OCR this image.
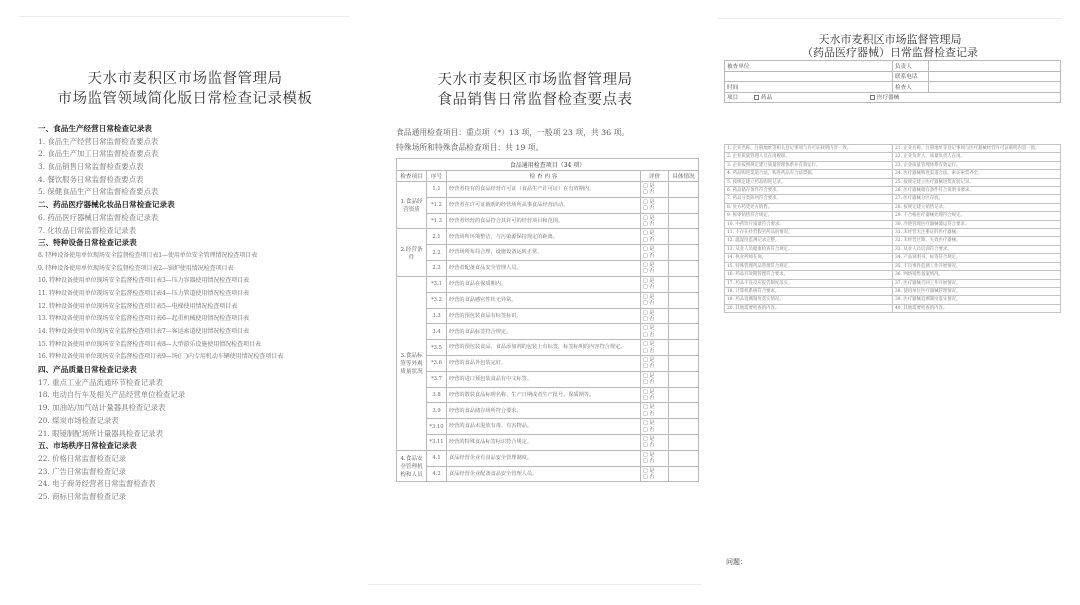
天水市麦积区市场监督管理局
市场监管领域简化版日常检查记录模板
一、食品生产经营日常检查记录表
1. 食品生产经营日常监督检查要点表
2. 食品生产加工日常监督检查要点表
3. 食品销售日常监督检查要点表
4. 餐饮服务日常监督检查要点表
5. 保健食品生产日常监督检查要点表
二、药品医疗器械化妆品日常检查记录表
6. 药品医疗器械日常监督检查记录表
7. 化妆品日常监督检查记录表
三、特种设备日常检查记录表
8. 特种设备使用单位现场安全监督检查项目表1—使用单位安全管理情况检查项目表
9. 特种设备使用单位现场安全监督检查项目表2—锅炉使用情况检查项目表
10. 特种设备使用单位现场安全监督检查项目表3—压力容器使用情况检查项目表
11. 特种设备使用单位现场安全监督检查项目表4—压力管道使用情况检查项目表
12. 特种设备使用单位现场安全监督检查项目表5—电梯使用情况检查项目表
13. 特种设备使用单位现场安全监督检查项目表6—起重机械使用情况检查项目表
14. 特种设备使用单位现场安全监督检查项目表7—客运索道使用情况检查项目表
15. 特种设备使用单位现场安全监督检查项目表8—大型游乐设施使用情况检查项目表
16. 特种设备使用单位现场安全监督检查项目表9—场(厂)内专用机动车辆使用情况检查项目表
四、产品质量日常检查记录表
17. 重点工业产品流通环节检查记录表
18. 电动自行车及相关产品经营单位检查记录
19. 加油站/加气站计量器具检查记录表
20. 煤炭市场检查记录表
21. 眼镜制配场所计量器具检查记录表
五、市场秩序日常检查记录表
22. 价格日常监督检查记录
23. 广告日常监督检查记录
24. 电子商务经营者日常监督检查表
25. 商标日常监督检查记录
天水市麦积区市场监督管理局
食品销售日常监督检查要点表
食品通用检查项目：重点项（*）13 项，一般项 23 项，共 36 项。
特殊场所和特殊食品检查项目：共 19 项。
食品通用检查项目（34 项）				
检查项目	序号	检 查 内 容	评价	具体情况
1.食品经营资质	1.1	经营者持有的食品经营许可证（食品生产许可证）在有效期内。	□ 是
□ 否	
	*1.2	经营者在许可证载明的经营场所从事食品经营活动。	□ 是
□ 否	
	*1.3	经营者经营的食品符合其许可的经营项目和范围。	□ 是
□ 否	
2.经营条件	2.1	经营场所环境整洁，与污染源保持规定的距离。	□ 是
□ 否	
	2.2	经营场所布局合理，设施设备运转正常。	□ 是
□ 否	
	2.3	经营者配备食品安全管理人员。	□ 是
□ 否	
3.食品标签等外观质量状况	*3.1	经营的食品在保质期内。	□ 是
□ 否	
	*3.2	经营的食品感官性状无异常。	□ 是
□ 否	
	3.3	经营的预包装食品有标签标识。	□ 是
□ 否	
	3.4	经营的食品标签符合规定。	□ 是
□ 否	
	*3.5	经营的预包装食品、食品添加剂的包装上有标签，标签标明的内容符合规定。	□ 是
□ 否	
	*3.6	经营的食品外包装完好。	□ 是
□ 否	
	*3.7	经营的进口预包装食品有中文标签。	□ 是
□ 否	
	3.8	经营的散装食品标明名称、生产日期或者生产批号、保质期等。	□ 是
□ 否	
	3.9	经营的食品储存场所符合要求。	□ 是
□ 否	
	*3.10	经营的食品未混放有毒、有害物品。	□ 是
□ 否	
	*3.11	经营的特殊食品标签标识符合规定。	□ 是
□ 否	
4.食品安全管理机构和人员	4.1	食品经营企业有食品安全管理制度。	□ 是
□ 否	
	4.2	食品经营企业配备食品安全管理人员。	□ 是
□ 否	
天水市麦积区市场监督管理局
（药品医疗器械）日常监督检查记录
被查单位	负责人	
	联系电话	
时间	检查人	
项目 药品 医疗器械		
1. 企业名称、注册地址等相关登记事项与许可证载明内容一致。	21. 企业名称、注册地址等登记事项与医疗器械经营许可证载明内容一致。
2. 企业质量管理人员在岗履职。	22. 企业负责人、质量负责人在岗。
3. 企业按照规定建立质量管理体系并有效运行。	23. 企业质量管理体系有效运行。
4. 药品购进渠道合法，购进药品有合法票据。	24. 医疗器械购进渠道合法，索证索票齐全。
5. 按规定建立药品购进记录。	25. 按规定建立医疗器械进货查验记录。
6. 药品储存条件符合要求。	26. 医疗器械储存条件符合说明书要求。
7. 药品分类陈列符合要求。	27. 医疗器械分区存放。
8. 处方药凭处方销售。	28. 按规定建立销售记录。
9. 拆零销售符合规定。	29. 不合格医疗器械处理符合规定。
10. 中药饮片质量符合要求。	30. 冷链管理医疗器械储运符合要求。
11. 不存在经营假劣药品的情况。	31. 未经营无注册证的医疗器械。
12. 温湿度监测记录完整。	32. 未经营过期、失效医疗器械。
13. 从业人员健康检查符合规定。	33. 从业人员培训符合要求。
14. 执业药师在岗。	34. 产品说明书、标签符合规定。
15. 特殊管理药品管理符合规定。	35. 不良事件监测工作开展情况。
16. 药品有效期管理符合要求。	36. 网络销售备案情况。
17. 药品不良反应报告制度落实。	37. 医疗器械召回工作开展情况。
18. 计算机系统符合要求。	38. 使用单位医疗器械管理情况。
19. 药品追溯制度落实情况。	39. 医疗器械追溯制度落实情况。
20. 其他需要检查的内容。	40. 其他需要检查的内容。
问题：
